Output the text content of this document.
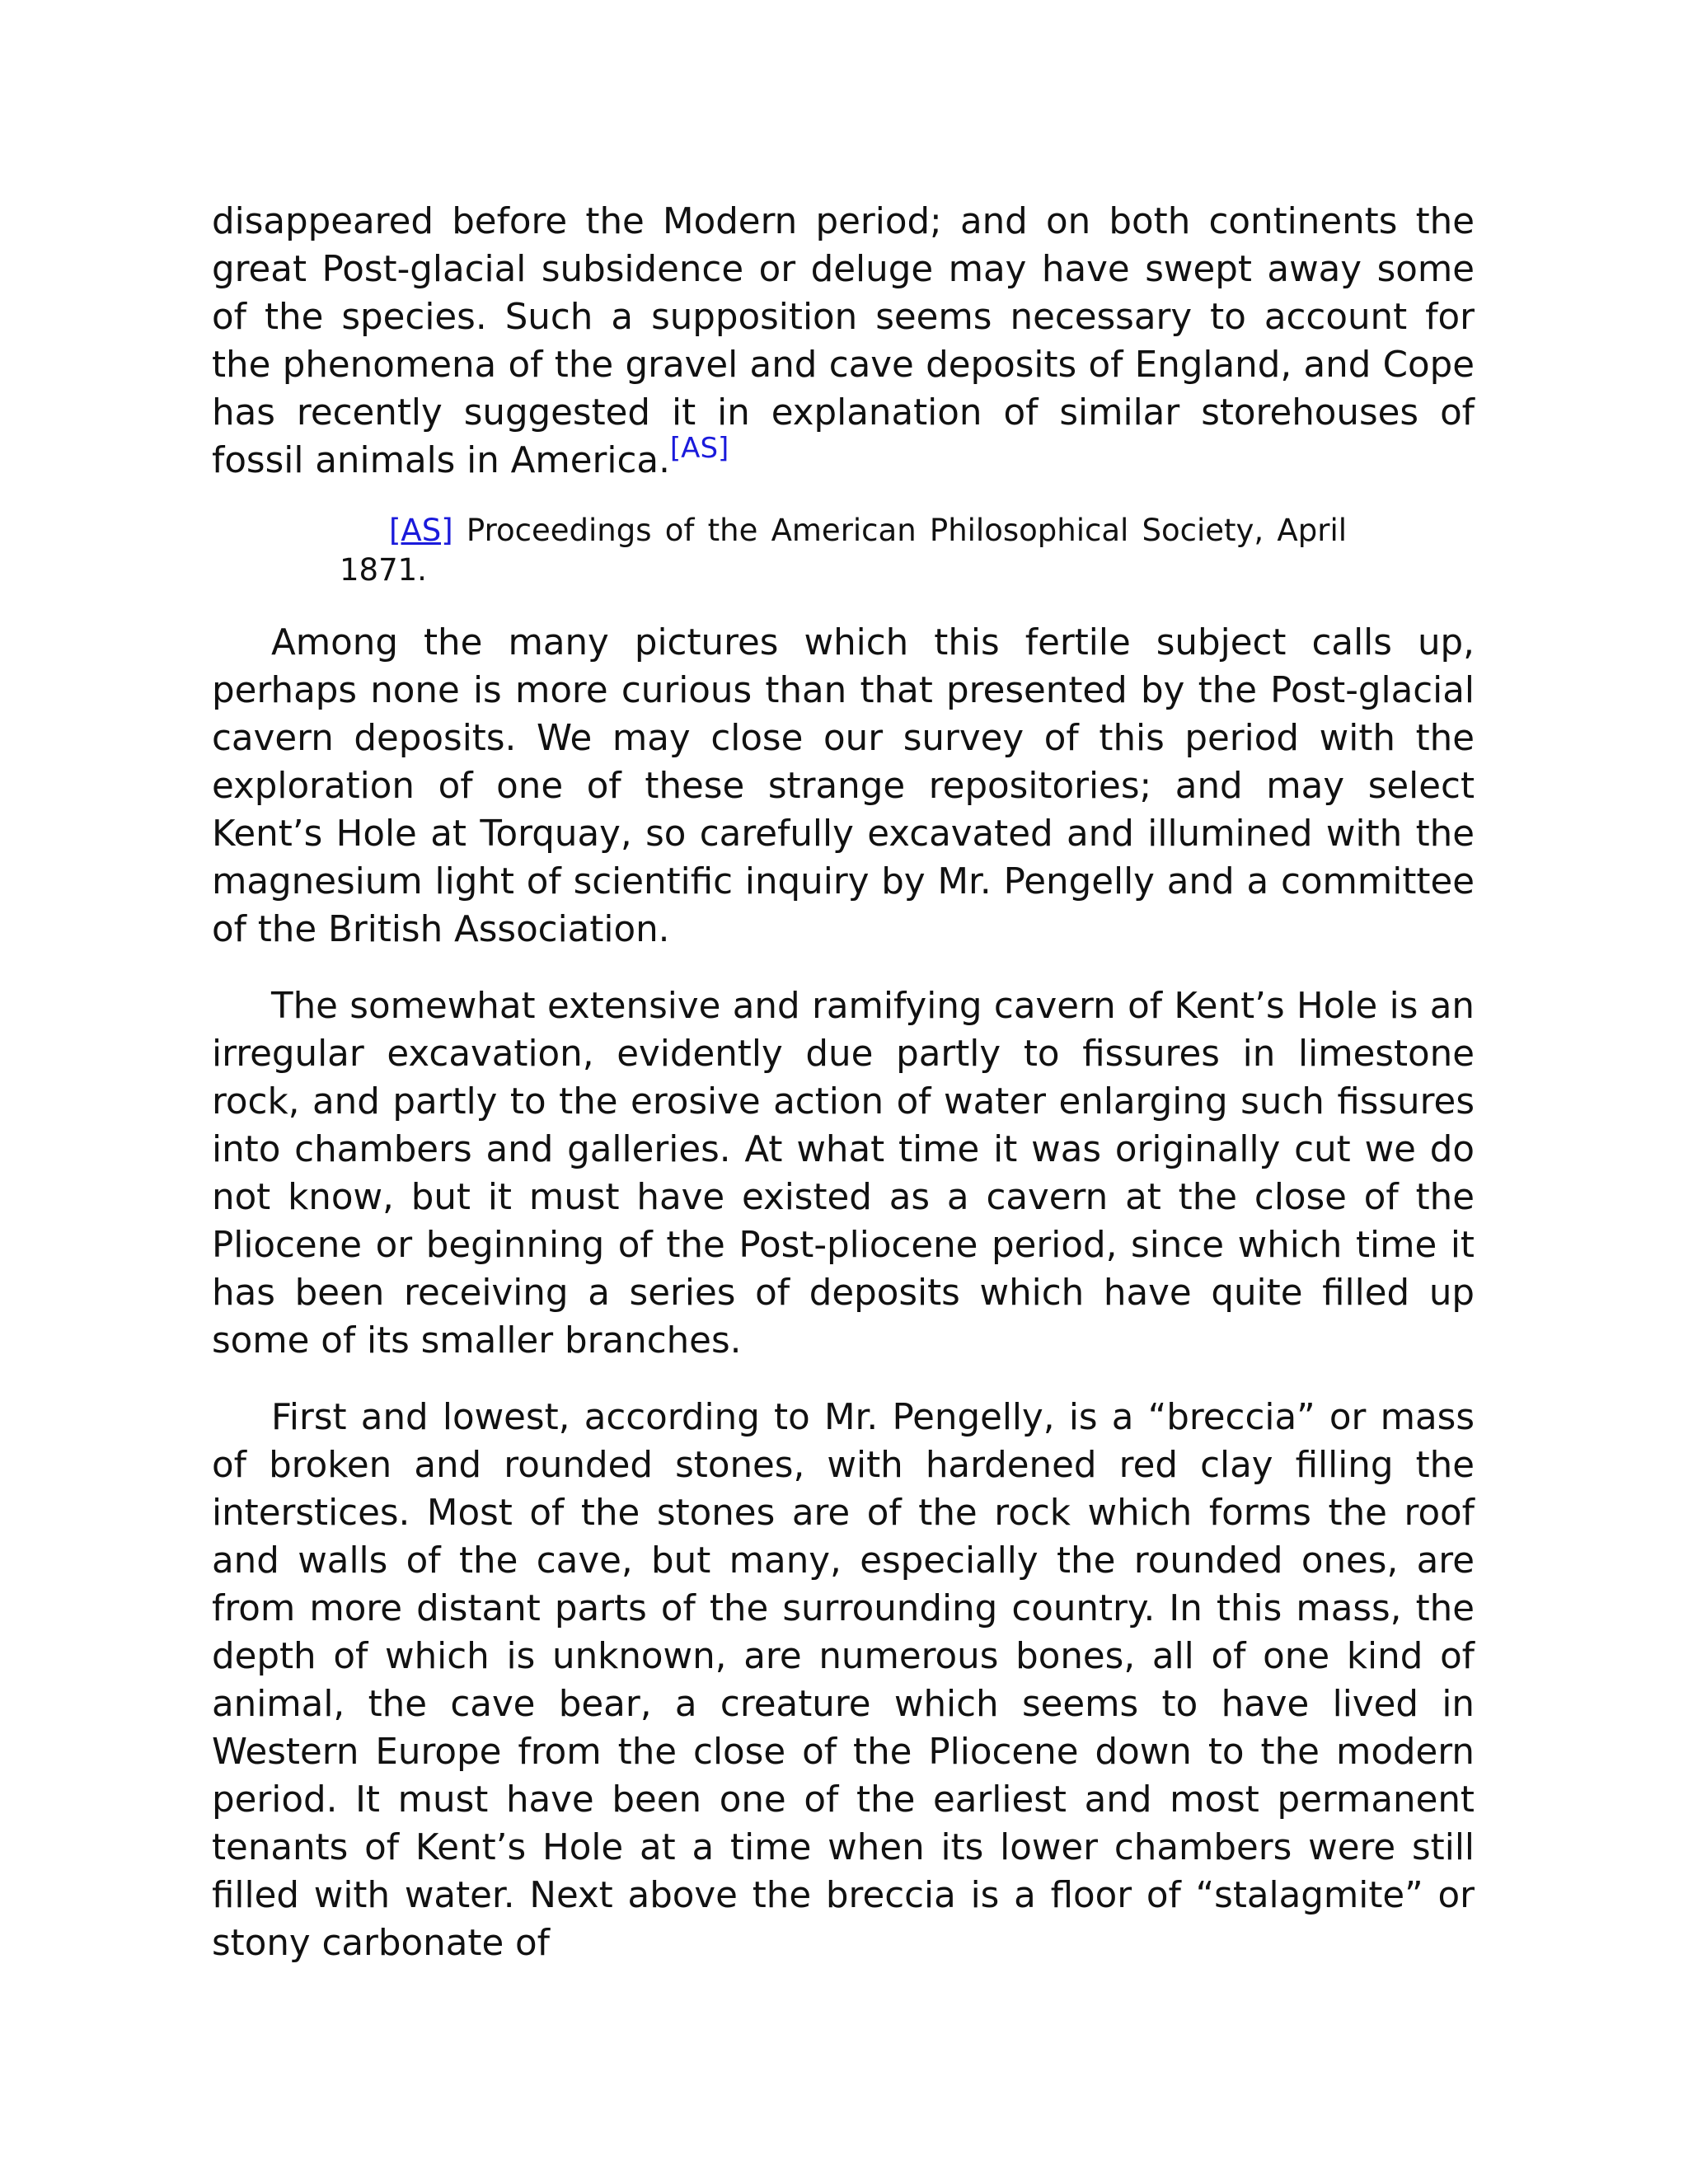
disappeared before the Modern period; and on both continents the great Post-glacial subsidence or deluge may have swept away some of the species. Such a supposition seems necessary to account for the phenomena of the gravel and cave deposits of England, and Cope has recently suggested it in explanation of similar storehouses of fossil animals in America.[AS]

[AS] Proceedings of the American Philosophical Society, April 1871.

Among the many pictures which this fertile subject calls up, perhaps none is more curious than that presented by the Post-glacial cavern deposits. We may close our survey of this period with the exploration of one of these strange repositories; and may select Kent’s Hole at Torquay, so carefully excavated and illumined with the magnesium light of scientific inquiry by Mr. Pengelly and a committee of the British Association.

The somewhat extensive and ramifying cavern of Kent’s Hole is an irregular excavation, evidently due partly to fissures in limestone rock, and partly to the erosive action of water enlarging such fissures into chambers and galleries. At what time it was originally cut we do not know, but it must have existed as a cavern at the close of the Pliocene or beginning of the Post-pliocene period, since which time it has been receiving a series of deposits which have quite filled up some of its smaller branches.

First and lowest, according to Mr. Pengelly, is a “breccia” or mass of broken and rounded stones, with hardened red clay filling the interstices. Most of the stones are of the rock which forms the roof and walls of the cave, but many, especially the rounded ones, are from more distant parts of the surrounding country. In this mass, the depth of which is unknown, are numerous bones, all of one kind of animal, the cave bear, a creature which seems to have lived in Western Europe from the close of the Pliocene down to the modern period. It must have been one of the earliest and most permanent tenants of Kent’s Hole at a time when its lower chambers were still filled with water. Next above the breccia is a floor of “stalagmite” or stony carbonate of
